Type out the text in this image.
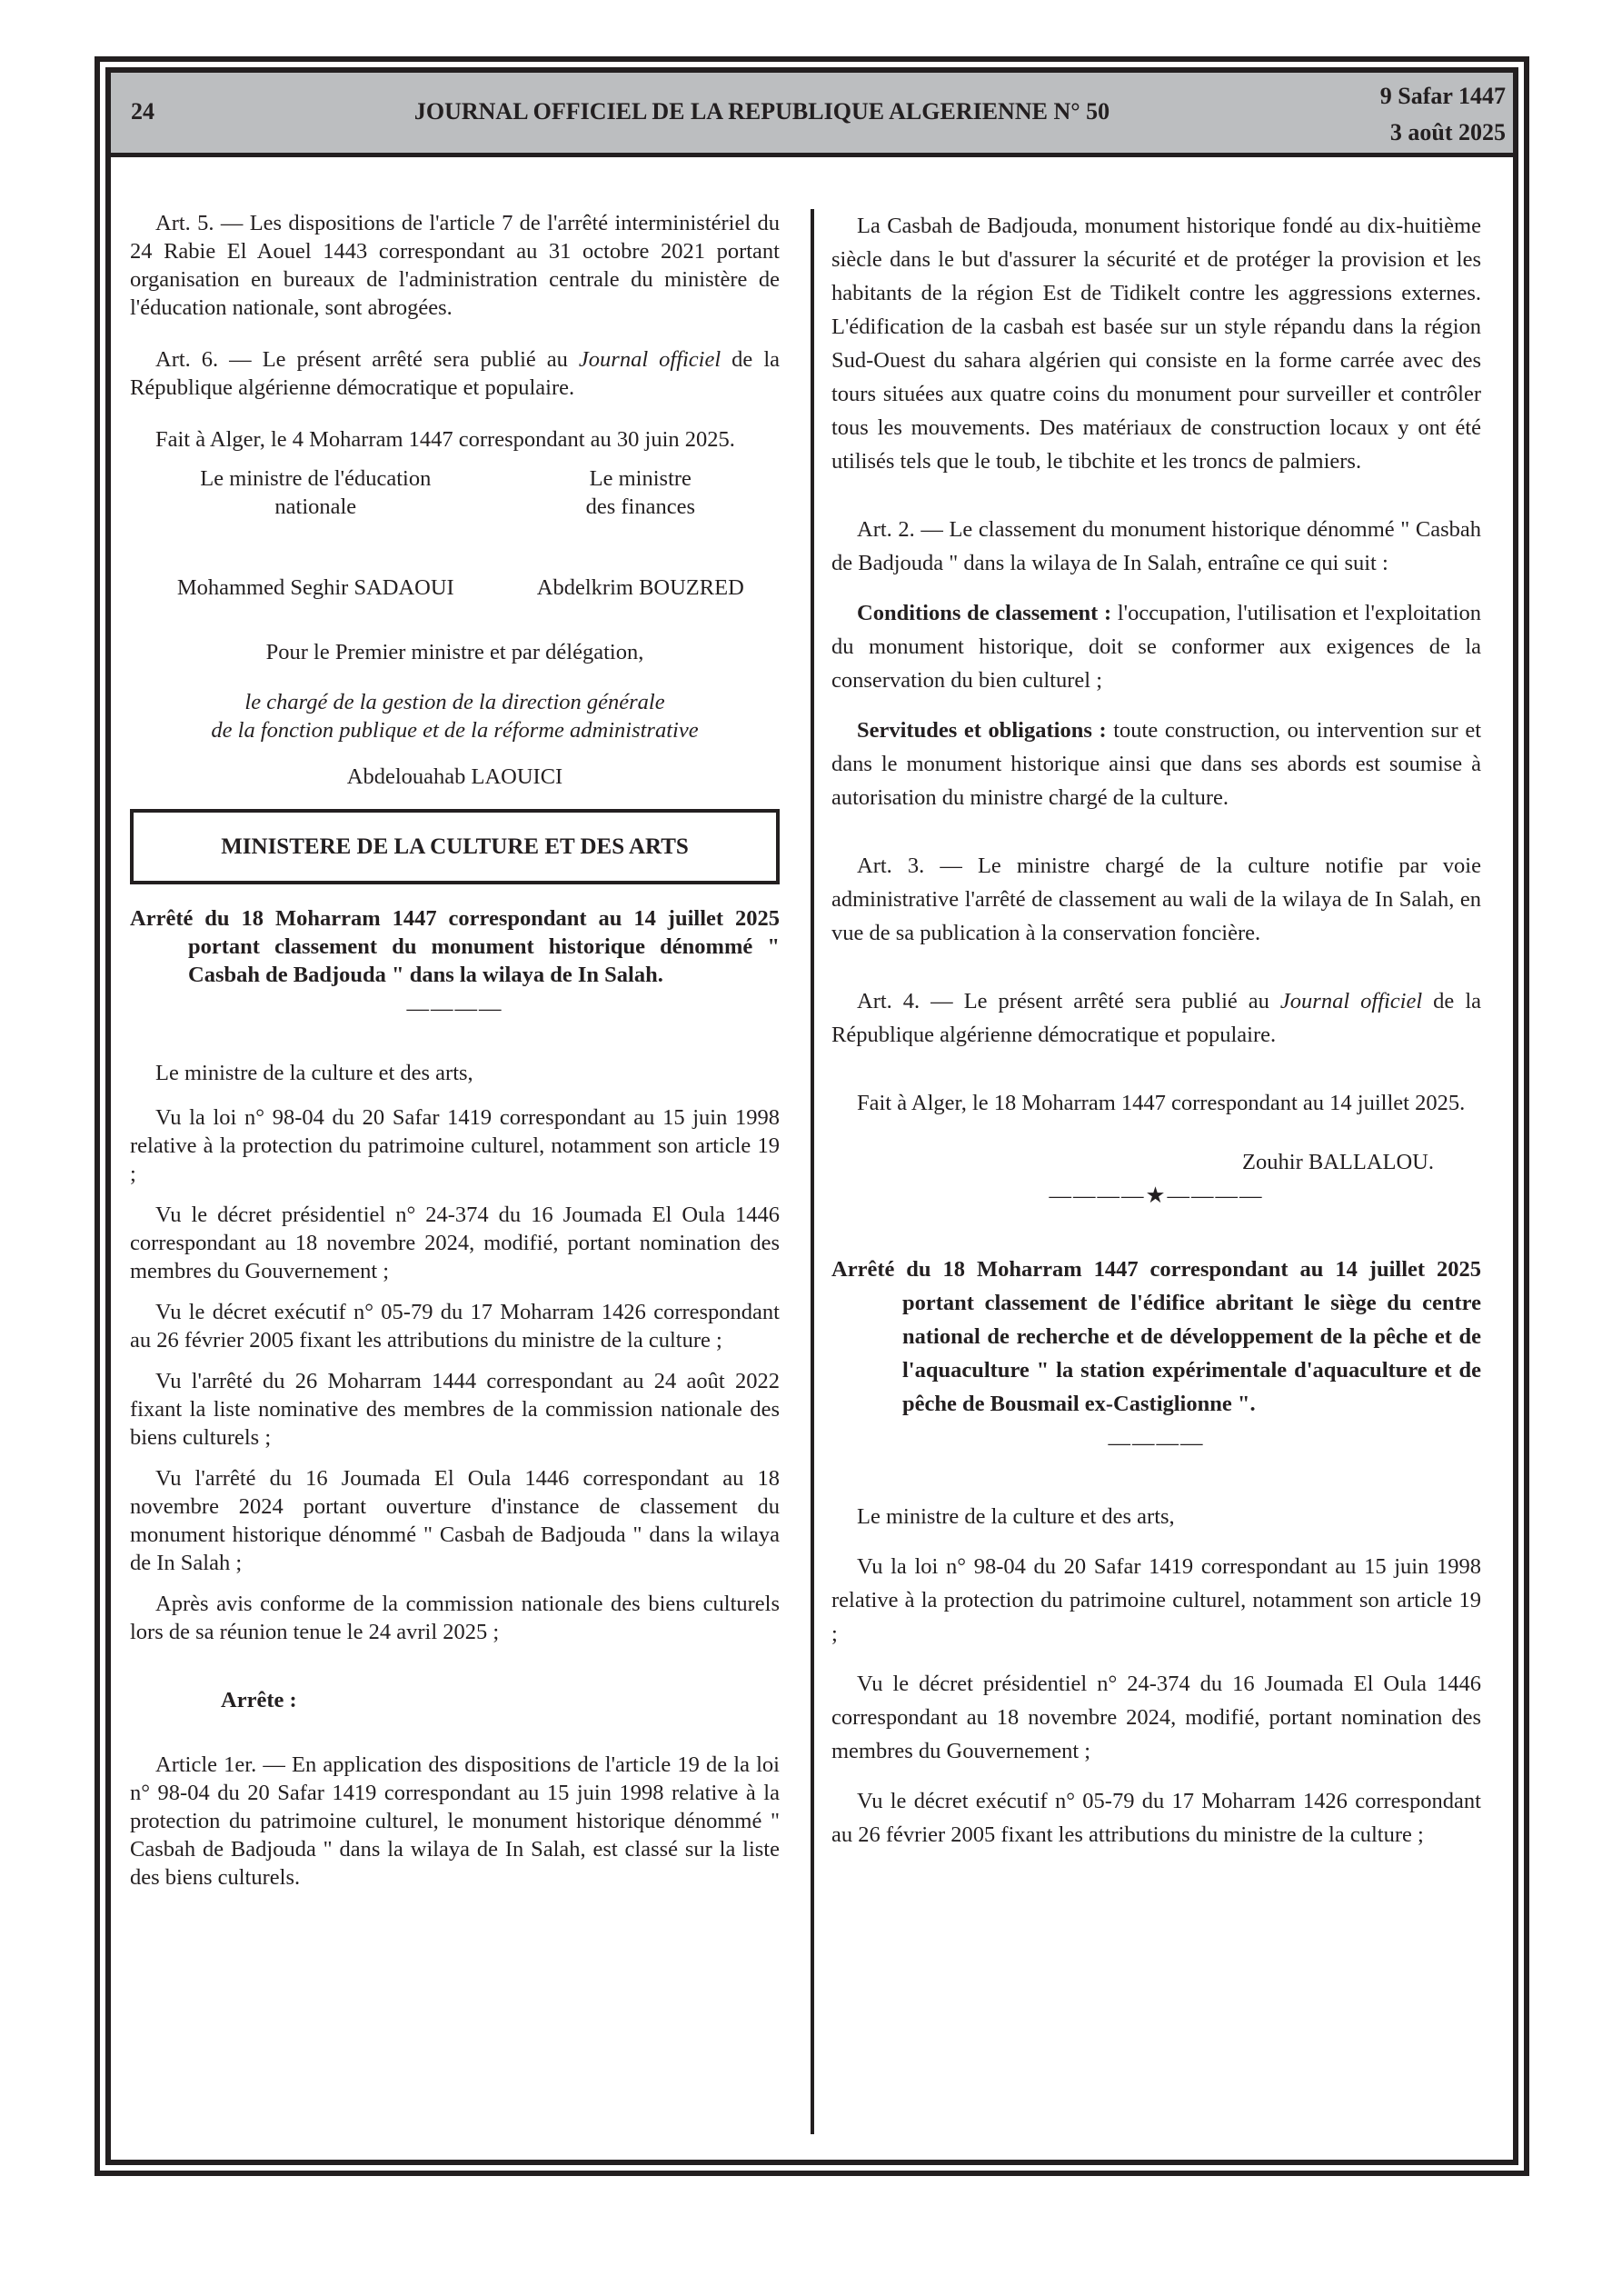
24	JOURNAL OFFICIEL DE LA REPUBLIQUE ALGERIENNE N° 50
9 Safar 1447
3 août 2025

Art. 5. — Les dispositions de l'article 7 de l'arrêté interministériel du 24 Rabie El Aouel 1443 correspondant au 31 octobre 2021 portant organisation en bureaux de l'administration centrale du ministère de l'éducation nationale, sont abrogées.

Art. 6. — Le présent arrêté sera publié au Journal officiel de la République algérienne démocratique et populaire.

Fait à Alger, le 4 Moharram 1447 correspondant au 30 juin 2025.

Le ministre de l'éducation
nationale
Le ministre
des finances
Mohammed Seghir SADAOUI	Abdelkrim BOUZRED

Pour le Premier ministre et par délégation,

le chargé de la gestion de la direction générale
de la fonction publique et de la réforme administrative

Abdelouahab LAOUICI

MINISTERE DE LA CULTURE ET DES ARTS

Arrêté du 18 Moharram 1447 correspondant au 14 juillet 2025 portant classement du monument historique dénommé " Casbah de Badjouda " dans la wilaya de In Salah.

————

Le ministre de la culture et des arts,

Vu la loi n° 98-04 du 20 Safar 1419 correspondant au 15 juin 1998 relative à la protection du patrimoine culturel, notamment son article 19 ;

Vu le décret présidentiel n° 24-374 du 16 Joumada El Oula 1446 correspondant au 18 novembre 2024, modifié, portant nomination des membres du Gouvernement ;

Vu le décret exécutif n° 05-79 du 17 Moharram 1426 correspondant au 26 février 2005 fixant les attributions du ministre de la culture ;

Vu l'arrêté du 26 Moharram 1444 correspondant au 24 août 2022 fixant la liste nominative des membres de la commission nationale des biens culturels ;

Vu l'arrêté du 16 Joumada El Oula 1446 correspondant au 18 novembre 2024 portant ouverture d'instance de classement du monument historique dénommé " Casbah de Badjouda " dans la wilaya de In Salah ;

Après avis conforme de la commission nationale des biens culturels lors de sa réunion tenue le 24 avril 2025 ;

Arrête :

Article 1er. — En application des dispositions de l'article 19 de la loi n° 98-04 du 20 Safar 1419 correspondant au 15 juin 1998 relative à la protection du patrimoine culturel, le monument historique dénommé " Casbah de Badjouda " dans la wilaya de In Salah, est classé sur la liste des biens culturels.

La Casbah de Badjouda, monument historique fondé au dix-huitième siècle dans le but d'assurer la sécurité et de protéger la provision et les habitants de la région Est de Tidikelt contre les aggressions externes. L'édification de la casbah est basée sur un style répandu dans la région Sud-Ouest du sahara algérien qui consiste en la forme carrée avec des tours situées aux quatre coins du monument pour surveiller et contrôler tous les mouvements. Des matériaux de construction locaux y ont été utilisés tels que le toub, le tibchite et les troncs de palmiers.

Art. 2. — Le classement du monument historique dénommé " Casbah de Badjouda " dans la wilaya de In Salah, entraîne ce qui suit :

Conditions de classement : l'occupation, l'utilisation et l'exploitation du monument historique, doit se conformer aux exigences de la conservation du bien culturel ;

Servitudes et obligations : toute construction, ou intervention sur et dans le monument historique ainsi que dans ses abords est soumise à autorisation du ministre chargé de la culture.

Art. 3. — Le ministre chargé de la culture notifie par voie administrative l'arrêté de classement au wali de la wilaya de In Salah, en vue de sa publication à la conservation foncière.

Art. 4. — Le présent arrêté sera publié au Journal officiel de la République algérienne démocratique et populaire.

Fait à Alger, le 18 Moharram 1447 correspondant au 14 juillet 2025.

Zouhir BALLALOU.

————★————

Arrêté du 18 Moharram 1447 correspondant au 14 juillet 2025 portant classement de l'édifice abritant le siège du centre national de recherche et de développement de la pêche et de l'aquaculture " la station expérimentale d'aquaculture et de pêche de Bousmail ex-Castiglionne ".

————

Le ministre de la culture et des arts,

Vu la loi n° 98-04 du 20 Safar 1419 correspondant au 15 juin 1998 relative à la protection du patrimoine culturel, notamment son article 19 ;

Vu le décret présidentiel n° 24-374 du 16 Joumada El Oula 1446 correspondant au 18 novembre 2024, modifié, portant nomination des membres du Gouvernement ;

Vu le décret exécutif n° 05-79 du 17 Moharram 1426 correspondant au 26 février 2005 fixant les attributions du ministre de la culture ;
